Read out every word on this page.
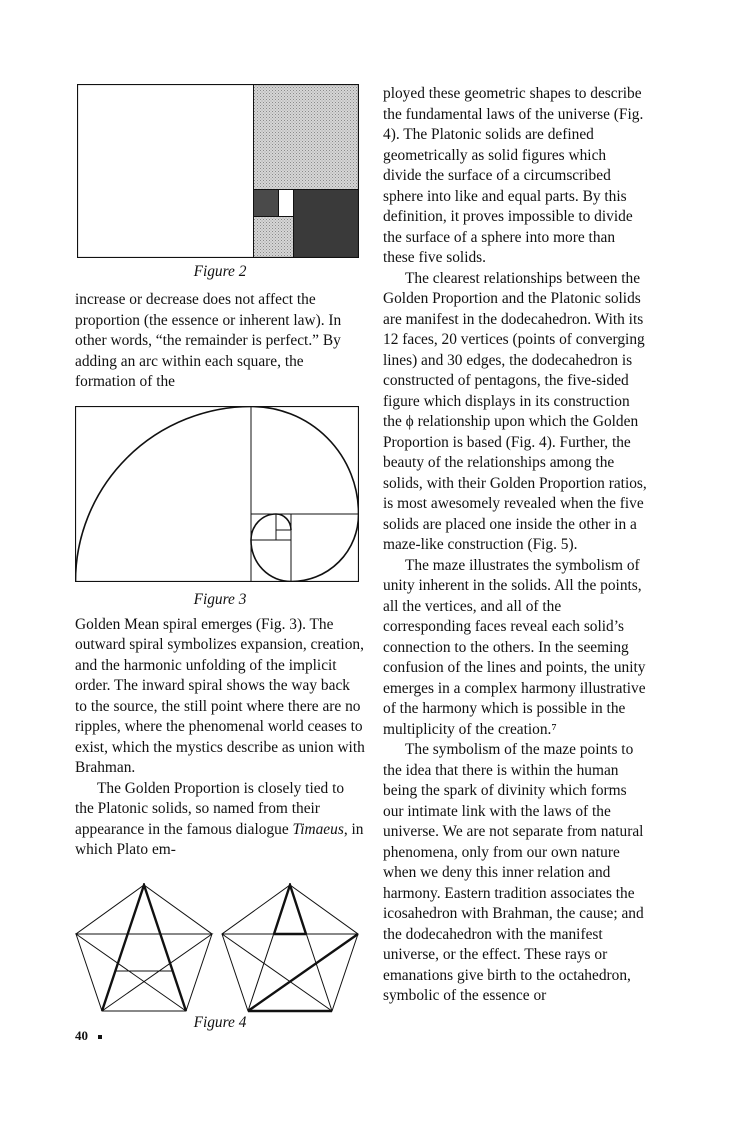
Figure 2

increase or decrease does not affect the proportion (the essence or inherent law). In other words, “the remainder is perfect.” By adding an arc within each square, the formation of the

Figure 3

Golden Mean spiral emerges (Fig. 3). The outward spiral symbolizes expansion, creation, and the harmonic unfolding of the implicit order. The inward spiral shows the way back to the source, the still point where there are no ripples, where the phenomenal world ceases to exist, which the mystics describe as union with Brahman.

The Golden Proportion is closely tied to the Platonic solids, so named from their appearance in the famous dialogue Timaeus, in which Plato em-

Figure 4

ployed these geometric shapes to describe the fundamental laws of the universe (Fig. 4). The Platonic solids are defined geometrically as solid figures which divide the surface of a circumscribed sphere into like and equal parts. By this definition, it proves impossible to divide the surface of a sphere into more than these five solids.

The clearest relationships between the Golden Proportion and the Platonic solids are manifest in the dodecahedron. With its 12 faces, 20 vertices (points of converging lines) and 30 edges, the dodecahedron is constructed of pentagons, the five-sided figure which displays in its construction the ϕ relationship upon which the Golden Proportion is based (Fig. 4). Further, the beauty of the relationships among the solids, with their Golden Proportion ratios, is most awesomely revealed when the five solids are placed one inside the other in a maze-like construction (Fig. 5).

The maze illustrates the symbolism of unity inherent in the solids. All the points, all the vertices, and all of the corresponding faces reveal each solid’s connection to the others. In the seeming confusion of the lines and points, the unity emerges in a complex harmony illustrative of the harmony which is possible in the multiplicity of the creation.⁷

The symbolism of the maze points to the idea that there is within the human being the spark of divinity which forms our intimate link with the laws of the universe. We are not separate from natural phenomena, only from our own nature when we deny this inner relation and harmony. Eastern tradition associates the icosahedron with Brahman, the cause; and the dodecahedron with the manifest universe, or the effect. These rays or emanations give birth to the octahedron, symbolic of the essence or

40
